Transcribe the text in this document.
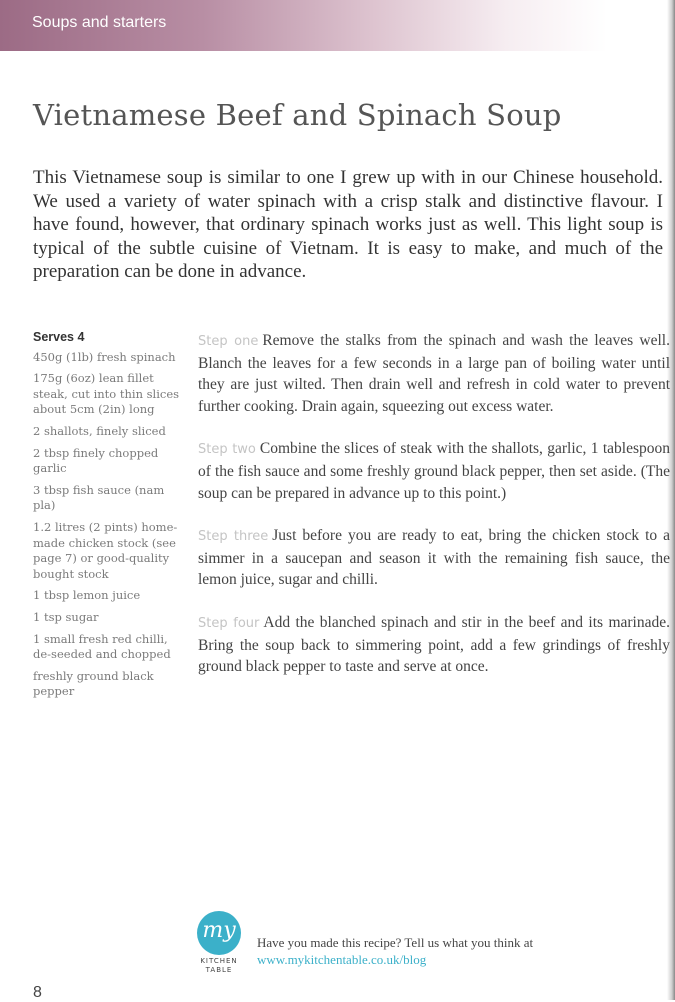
Soups and starters
Vietnamese Beef and Spinach Soup

This Vietnamese soup is similar to one I grew up with in our Chinese household. We used a variety of water spinach with a crisp stalk and distinctive flavour. I have found, however, that ordinary spinach works just as well. This light soup is typical of the subtle cuisine of Vietnam. It is easy to make, and much of the preparation can be done in advance.

Serves 4
450g (1lb) fresh spinach
175g (6oz) lean fillet steak, cut into thin slices about 5cm (2in) long
2 shallots, finely sliced
2 tbsp finely chopped garlic
3 tbsp fish sauce (nam pla)
1.2 litres (2 pints) home-made chicken stock (see page 7) or good-quality bought stock
1 tbsp lemon juice
1 tsp sugar
1 small fresh red chilli, de-seeded and chopped
freshly ground black pepper

Step one Remove the stalks from the spinach and wash the leaves well. Blanch the leaves for a few seconds in a large pan of boiling water until they are just wilted. Then drain well and refresh in cold water to prevent further cooking. Drain again, squeezing out excess water.

Step two Combine the slices of steak with the shallots, garlic, 1 tablespoon of the fish sauce and some freshly ground black pepper, then set aside. (The soup can be prepared in advance up to this point.)

Step three Just before you are ready to eat, bring the chicken stock to a simmer in a saucepan and season it with the remaining fish sauce, the lemon juice, sugar and chilli.

Step four Add the blanched spinach and stir in the beef and its marinade. Bring the soup back to simmering point, add a few grindings of freshly ground black pepper to taste and serve at once.

my
KITCHEN
TABLE
Have you made this recipe? Tell us what you think at
www.mykitchentable.co.uk/blog
8
